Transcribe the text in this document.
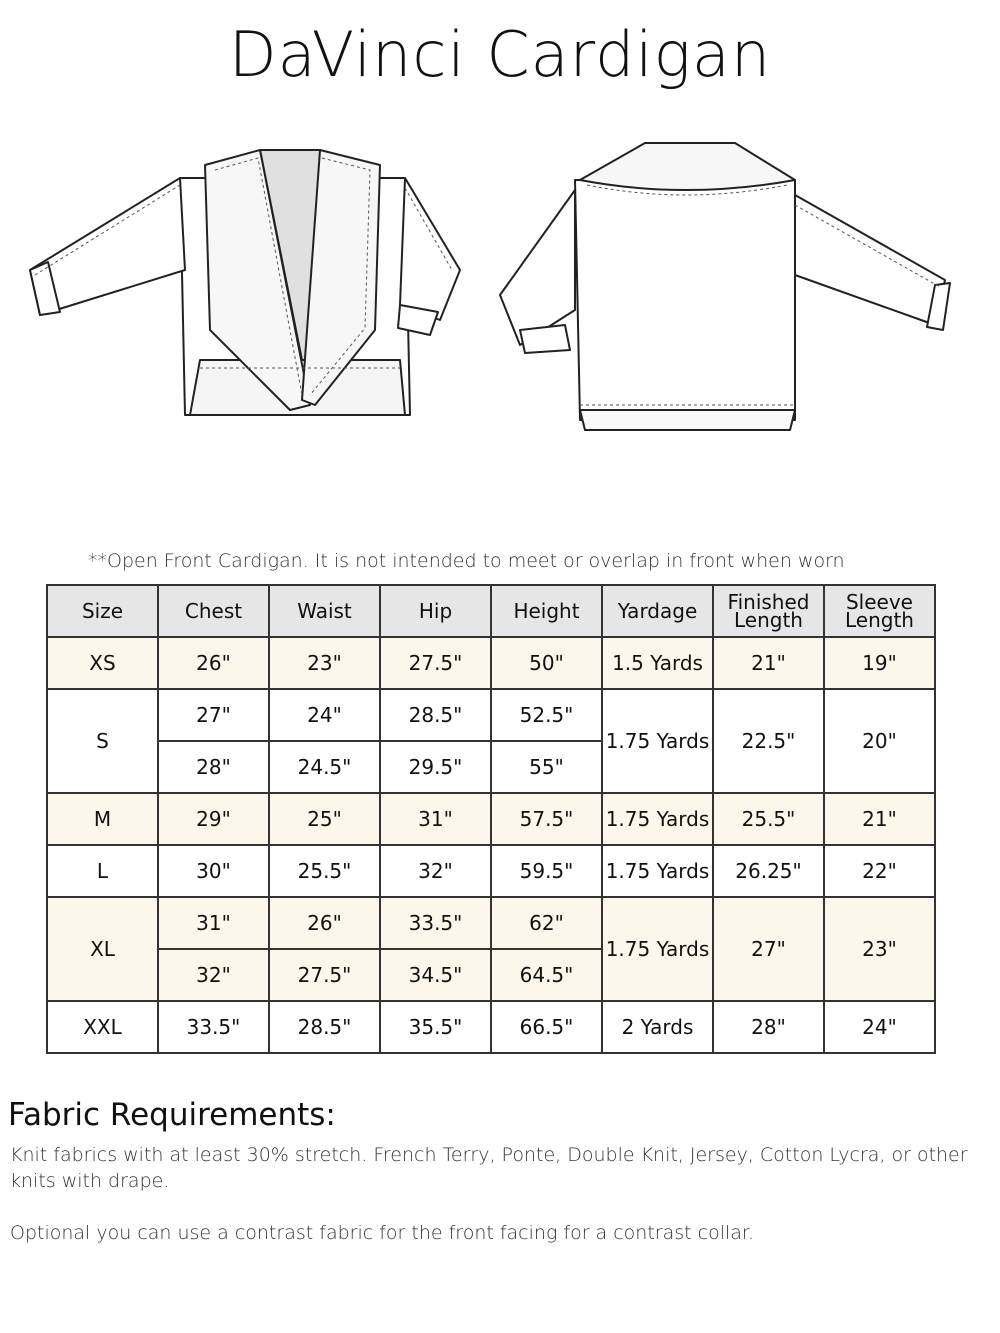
DaVinci Cardigan
**Open Front Cardigan. It is not intended to meet or overlap in front when worn
Size	Chest	Waist	Hip	Height	Yardage	Finished Length	Sleeve Length
XS	26"	23"	27.5"	50"	1.5 Yards	21"	19"
S	27"	24"	28.5"	52.5"	1.75 Yards	22.5"	20"
	28"	24.5"	29.5"	55"			
M	29"	25"	31"	57.5"	1.75 Yards	25.5"	21"
L	30"	25.5"	32"	59.5"	1.75 Yards	26.25"	22"
XL	31"	26"	33.5"	62"	1.75 Yards	27"	23"
	32"	27.5"	34.5"	64.5"			
XXL	33.5"	28.5"	35.5"	66.5"	2 Yards	28"	24"
Fabric Requirements:
Knit fabrics with at least 30% stretch. French Terry, Ponte, Double Knit, Jersey, Cotton Lycra, or other knits with drape.
Optional you can use a contrast fabric for the front facing for a contrast collar.
